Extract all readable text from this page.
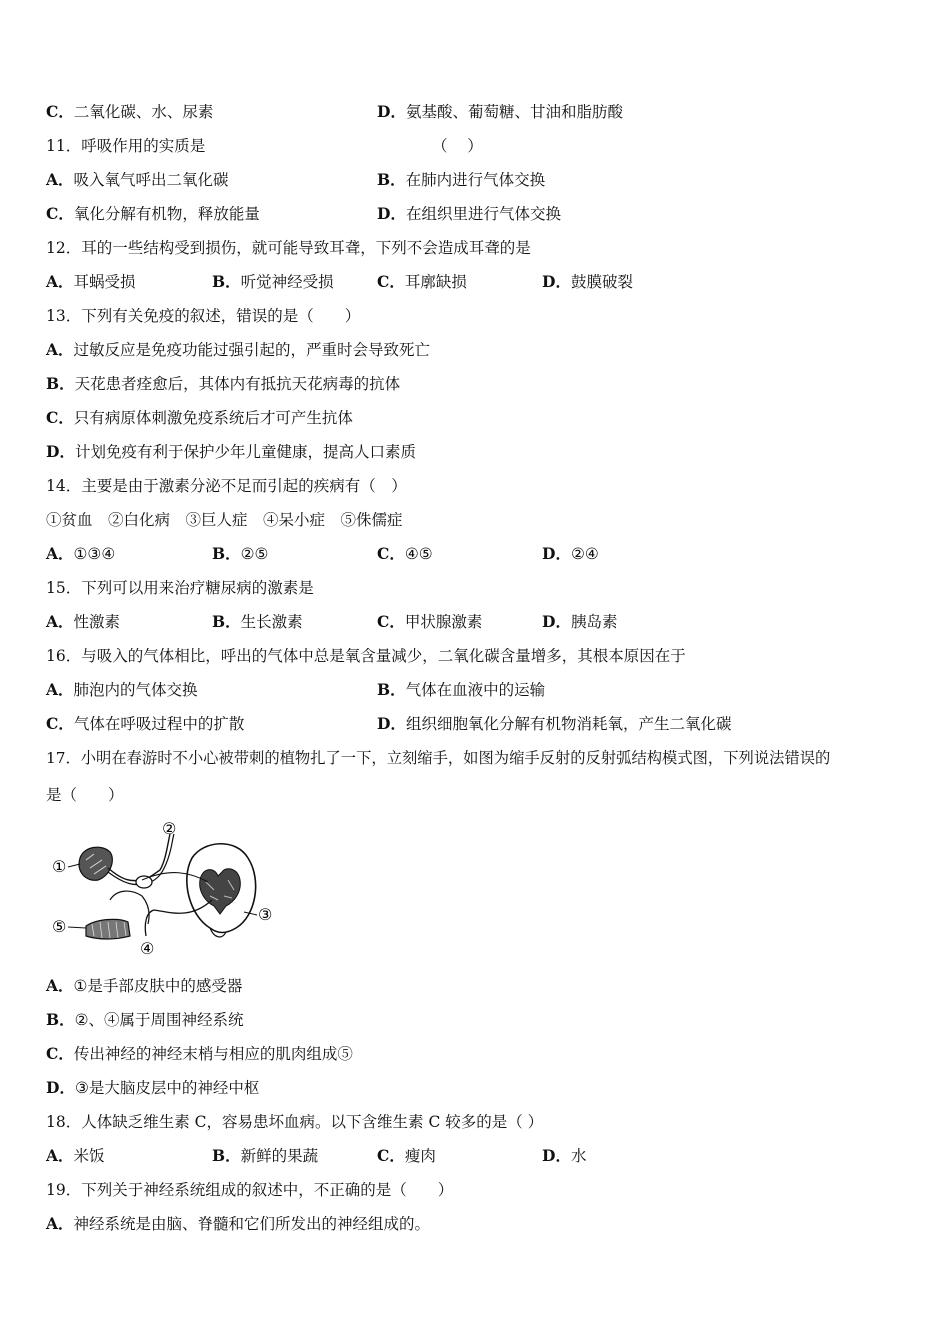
C．二氧化碳、水、尿素	D．氨基酸、葡萄糖、甘油和脂肪酸
11．呼吸作用的实质是	（    ）
A．吸入氧气呼出二氧化碳	B．在肺内进行气体交换
C．氧化分解有机物，释放能量	D．在组织里进行气体交换
12．耳的一些结构受到损伤，就可能导致耳聋，下列不会造成耳聋的是
A．耳蜗受损	B．听觉神经受损	C．耳廓缺损	D．鼓膜破裂
13．下列有关免疫的叙述，错误的是（　　）
A．过敏反应是免疫功能过强引起的，严重时会导致死亡
B．天花患者痊愈后，其体内有抵抗天花病毒的抗体
C．只有病原体刺激免疫系统后才可产生抗体
D．计划免疫有利于保护少年儿童健康，提高人口素质
14．主要是由于激素分泌不足而引起的疾病有（　）
①贫血　②白化病　③巨人症　④呆小症　⑤侏儒症
A．①③④	B．②⑤	C．④⑤	D．②④
15．下列可以用来治疗糖尿病的激素是
A．性激素	B．生长激素	C．甲状腺激素	D．胰岛素
16．与吸入的气体相比，呼出的气体中总是氧含量减少，二氧化碳含量增多，其根本原因在于
A．肺泡内的气体交换	B．气体在血液中的运输
C．气体在呼吸过程中的扩散	D．组织细胞氧化分解有机物消耗氧，产生二氧化碳
17．小明在春游时不小心被带刺的植物扎了一下，立刻缩手，如图为缩手反射的反射弧结构模式图，下列说法错误的
是（　　）
①
②
③
④
⑤
A．①是手部皮肤中的感受器
B．②、④属于周围神经系统
C．传出神经的神经末梢与相应的肌肉组成⑤
D．③是大脑皮层中的神经中枢
18．人体缺乏维生素 C，容易患坏血病。以下含维生素 C 较多的是（ ）
A．米饭	B．新鲜的果蔬	C．瘦肉	D．水
19．下列关于神经系统组成的叙述中，不正确的是（　　）
A．神经系统是由脑、脊髓和它们所发出的神经组成的。
